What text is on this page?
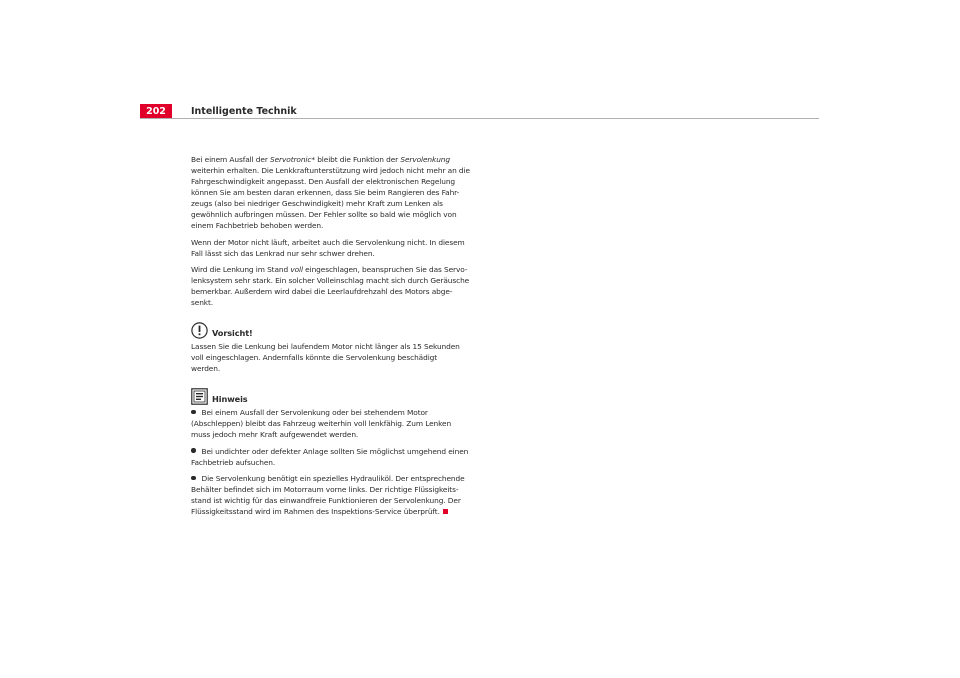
202	Intelligente Technik

Bei einem Ausfall der Servotronic* bleibt die Funktion der Servolenkung
weiterhin erhalten. Die Lenkkraftunterstützung wird jedoch nicht mehr an die
Fahrgeschwindigkeit angepasst. Den Ausfall der elektronischen Regelung
können Sie am besten daran erkennen, dass Sie beim Rangieren des Fahr-
zeugs (also bei niedriger Geschwindigkeit) mehr Kraft zum Lenken als
gewöhnlich aufbringen müssen. Der Fehler sollte so bald wie möglich von
einem Fachbetrieb behoben werden.

Wenn der Motor nicht läuft, arbeitet auch die Servolenkung nicht. In diesem
Fall lässt sich das Lenkrad nur sehr schwer drehen.

Wird die Lenkung im Stand voll eingeschlagen, beanspruchen Sie das Servo-
lenksystem sehr stark. Ein solcher Volleinschlag macht sich durch Geräusche
bemerkbar. Außerdem wird dabei die Leerlaufdrehzahl des Motors abge-
senkt.

Vorsicht!

Lassen Sie die Lenkung bei laufendem Motor nicht länger als 15 Sekunden
voll eingeschlagen. Andernfalls könnte die Servolenkung beschädigt
werden.

Hinweis

Bei einem Ausfall der Servolenkung oder bei stehendem Motor
(Abschleppen) bleibt das Fahrzeug weiterhin voll lenkfähig. Zum Lenken
muss jedoch mehr Kraft aufgewendet werden.

Bei undichter oder defekter Anlage sollten Sie möglichst umgehend einen
Fachbetrieb aufsuchen.

Die Servolenkung benötigt ein spezielles Hydrauliköl. Der entsprechende
Behälter befindet sich im Motorraum vorne links. Der richtige Flüssigkeits-
stand ist wichtig für das einwandfreie Funktionieren der Servolenkung. Der
Flüssigkeitsstand wird im Rahmen des Inspektions-Service überprüft.
